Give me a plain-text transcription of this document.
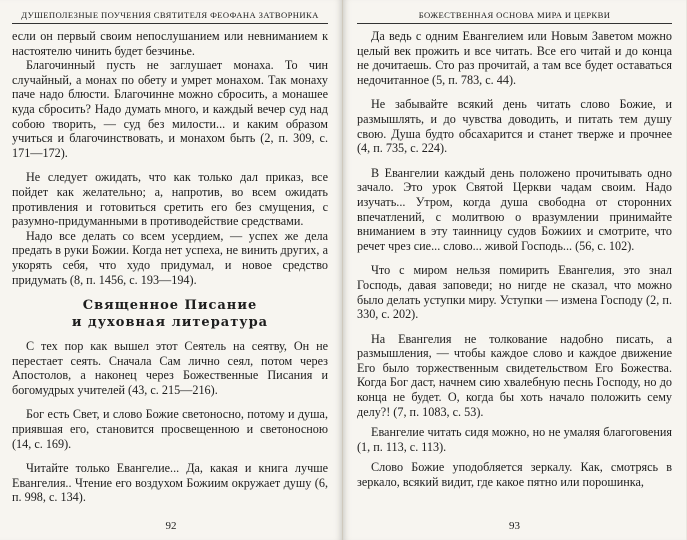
ДУШЕПОЛЕЗНЫЕ ПОУЧЕНИЯ СВЯТИТЕЛЯ ФЕОФАНА ЗАТВОРНИКА

если он первый своим непослушанием или невниманием к настоятелю чинить будет безчинье.

Благочинный пусть не заглушает монаха. То чин случайный, а монах по обету и умрет монахом. Так монаху паче надо блюсти. Благочинне можно сбросить, а монашее куда сбросить? Надо думать много, и каждый вечер суд над собою творить, — суд без милости... и каким образом учиться и благочинствовать, и монахом быть (2, п. 309, с. 171—172).

Не следует ожидать, что как только дал приказ, все пойдет как желательно; а, напротив, во всем ожидать противления и готовиться сретить его без смущения, с разумно-придуманными в противодействие средствами.

Надо все делать со всем усердием, — успех же дела предать в руки Божии. Когда нет успеха, не винить других, а укорять себя, что худо придумал, и новое средство придумать (8, п. 1456, с. 193—194).

Священное Писание
и духовная литература

С тех пор как вышел этот Сеятель на сеятву, Он не перестает сеять. Сначала Сам лично сеял, потом через Апостолов, а наконец через Божественные Писания и богомудрых учителей (43, с. 215—216).

Бог есть Свет, и слово Божие светоносно, потому и душа, приявшая его, становится просвещенною и светоносною (14, с. 169).

Читайте только Евангелие... Да, какая и книга лучше Евангелия.. Чтение его воздухом Божиим окружает душу (6, п. 998, с. 134).

92
БОЖЕСТВЕННАЯ ОСНОВА МИРА И ЦЕРКВИ

Да ведь с одним Евангелием или Новым Заветом можно целый век прожить и все читать. Все его читай и до конца не дочитаешь. Сто раз прочитай, а там все будет оставаться недочитанное (5, п. 783, с. 44).

Не забывайте всякий день читать слово Божие, и размышлять, и до чувства доводить, и питать тем душу свою. Душа будто обсахарится и станет тверже и прочнее (4, п. 735, с. 224).

В Евангелии каждый день положено прочитывать одно зачало. Это урок Святой Церкви чадам своим. Надо изучать... Утром, когда душа свободна от сторонних впечатлений, с молитвою о вразумлении принимайте вниманием в эту таинницу судов Божиих и смотрите, что речет чрез сие... слово... живой Господь... (56, с. 102).

Что с миром нельзя помирить Евангелия, это знал Господь, давая заповеди; но нигде не сказал, что можно было делать уступки миру. Уступки — измена Господу (2, п. 330, с. 202).

На Евангелия не толкование надобно писать, а размышления, — чтобы каждое слово и каждое движение Его было торжественным свидетельством Его Божества. Когда Бог даст, начнем сию хвалебную песнь Господу, но до конца не будет. О, когда бы хоть начало положить сему делу?! (7, п. 1083, с. 53).

Евангелие читать сидя можно, но не умаляя благоговения (1, п. 113, с. 113).

Слово Божие уподобляется зеркалу. Как, смотрясь в зеркало, всякий видит, где какое пятно или порошинка,

93
